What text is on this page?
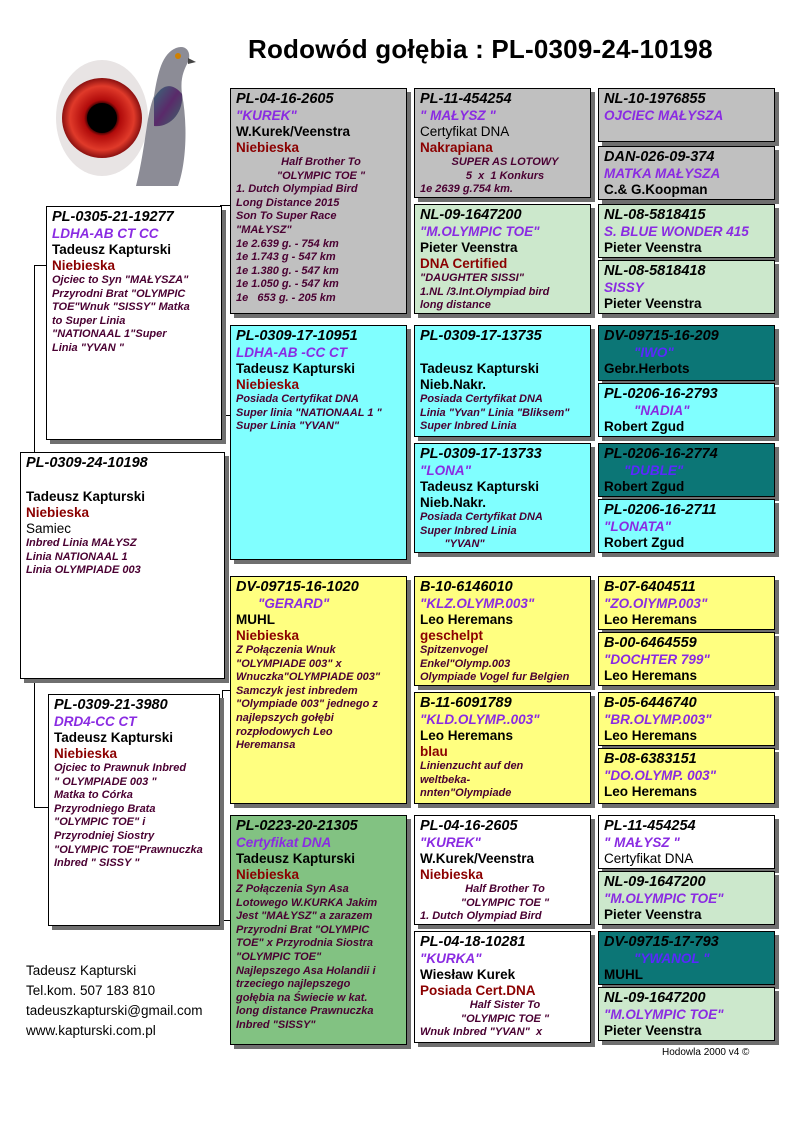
Rodowód gołębia : PL-0309-24-10198
PL-0309-24-10198
Tadeusz Kapturski
Niebieska
Samiec
Inbred Linia MAŁYSZ
Linia NATIONAAL 1
Linia OLYMPIADE 003
PL-0305-21-19277
LDHA-AB CT CC
Tadeusz Kapturski
Niebieska
Ojciec to Syn "MAŁYSZA"
Przyrodni Brat "OLYMPIC
TOE"Wnuk "SISSY" Matka
to Super Linia
"NATIONAAL 1"Super
Linia "YVAN "
PL-0309-21-3980
DRD4-CC CT
Tadeusz Kapturski
Niebieska
Ojciec to Prawnuk Inbred
" OLYMPIADE 003 "
Matka to Córka
Przyrodniego Brata
"OLYMPIC TOE" i
Przyrodniej Siostry
"OLYMPIC TOE"Prawnuczka
Inbred " SISSY "
PL-04-16-2605
"KUREK"
W.Kurek/Veenstra
Niebieska
Half Brother To
"OLYMPIC TOE "
1. Dutch Olympiad Bird
Long Distance 2015
Son To Super Race
"MAŁYSZ"
1e 2.639 g. - 754 km
1e 1.743 g - 547 km
1e 1.380 g. - 547 km
1e 1.050 g. - 547 km
1e   653 g. - 205 km
PL-0309-17-10951
LDHA-AB -CC CT
Tadeusz Kapturski
Niebieska
Posiada Certyfikat DNA
Super linia "NATIONAAL 1 "
Super Linia "YVAN"
DV-09715-16-1020
"GERARD"
MUHL
Niebieska
Z Połączenia Wnuk
"OLYMPIADE 003" x
Wnuczka"OLYMPIADE 003"
Samczyk jest inbredem
"Olympiade 003" jednego z
najlepszych gołębi
rozpłodowych Leo
Heremansa
PL-0223-20-21305
Certyfikat DNA
Tadeusz Kapturski
Niebieska
Z Połączenia Syn Asa
Lotowego W.KURKA Jakim
Jest "MAŁYSZ" a zarazem
Przyrodni Brat "OLYMPIC
TOE" x Przyrodnia Siostra
"OLYMPIC TOE"
Najlepszego Asa Holandii i
trzeciego najlepszego
gołębia na Świecie w kat.
long distance Prawnuczka
Inbred "SISSY"
PL-11-454254
" MAŁYSZ "
Certyfikat DNA
Nakrapiana
SUPER AS LOTOWY
5  x  1 Konkurs
1e 2639 g.754 km.
NL-09-1647200
"M.OLYMPIC TOE"
Pieter Veenstra
DNA Certified
"DAUGHTER SISSI"
1.NL /3.Int.Olympiad bird
long distance
PL-0309-17-13735
Tadeusz Kapturski
Nieb.Nakr.
Posiada Certyfikat DNA
Linia "Yvan" Linia "Bliksem"
Super Inbred Linia
PL-0309-17-13733
"LONA"
Tadeusz Kapturski
Nieb.Nakr.
Posiada Certyfikat DNA
Super Inbred Linia
"YVAN"
B-10-6146010
"KLZ.OLYMP.003"
Leo Heremans
geschelpt
Spitzenvogel
Enkel"Olymp.003
Olympiade Vogel fur Belgien
B-11-6091789
"KLD.OLYMP..003"
Leo Heremans
blau
Linienzucht auf den
weltbeka-
nnten"Olympiade
PL-04-16-2605
"KUREK"
W.Kurek/Veenstra
Niebieska
Half Brother To
"OLYMPIC TOE "
1. Dutch Olympiad Bird
PL-04-18-10281
"KURKA"
Wiesław Kurek
Posiada Cert.DNA
Half Sister To
"OLYMPIC TOE "
Wnuk Inbred "YVAN"  x
NL-10-1976855
OJCIEC MAŁYSZA
DAN-026-09-374
MATKA MAŁYSZA
C.& G.Koopman
NL-08-5818415
S. BLUE WONDER 415
Pieter Veenstra
NL-08-5818418
SISSY
Pieter Veenstra
DV-09715-16-209
"IWO"
Gebr.Herbots
PL-0206-16-2793
"NADIA"
Robert Zgud
PL-0206-16-2774
"DUBLE"
Robert Zgud
PL-0206-16-2711
"LONATA"
Robert Zgud
B-07-6404511
"ZO.OlYMP.003"
Leo Heremans
B-00-6464559
"DOCHTER 799"
Leo Heremans
B-05-6446740
"BR.OLYMP.003"
Leo Heremans
B-08-6383151
"DO.OLYMP. 003"
Leo Heremans
PL-11-454254
" MAŁYSZ "
Certyfikat DNA
NL-09-1647200
"M.OLYMPIC TOE"
Pieter Veenstra
DV-09715-17-793
"YWANOL "
MUHL
NL-09-1647200
"M.OLYMPIC TOE"
Pieter Veenstra
Tadeusz Kapturski
Tel.kom. 507 183 810
tadeuszkapturski@gmail.com
www.kapturski.com.pl
Hodowla 2000 v4 ©
